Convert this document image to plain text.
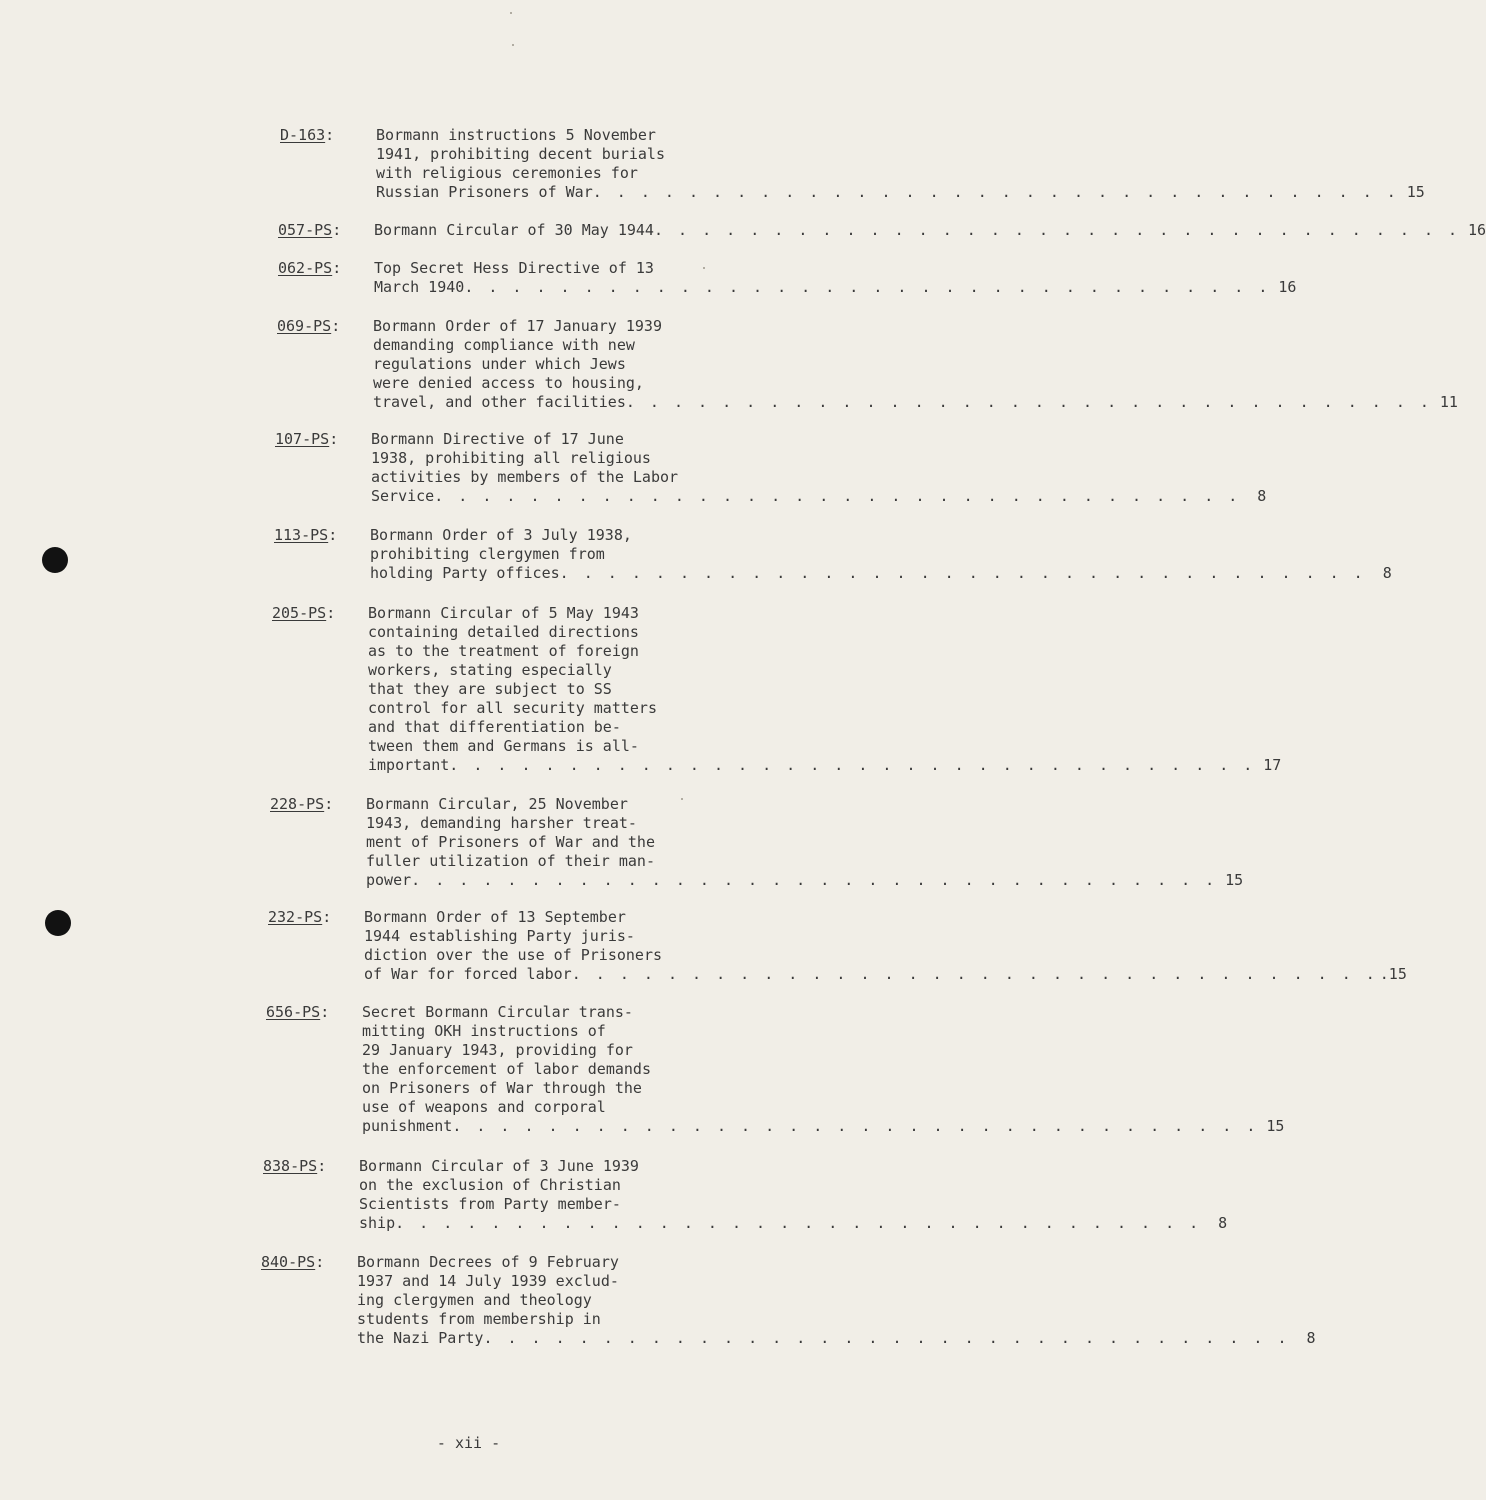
D-163:	Bormann instructions 5 November
1941, prohibiting decent burials
with religious ceremonies for
Russian Prisoners of War . . . . . . . . . . . . . . . . . . . . . . . . . . . . . . . . . . 15
057-PS: Bormann Circular of 30 May 1944 . . . . . . . . . . . . . . . . . . . . . . . . . . . . . . . . . . 16
062-PS: Top Secret Hess Directive of 13
March 1940 . . . . . . . . . . . . . . . . . . . . . . . . . . . . . . . . . . 16
069-PS: Bormann Order of 17 January 1939
demanding compliance with new
regulations under which Jews
were denied access to housing,
travel, and other facilities . . . . . . . . . . . . . . . . . . . . . . . . . . . . . . . . . . 11
107-PS: Bormann Directive of 17 June
1938, prohibiting all religious
activities by members of the Labor
Service . . . . . . . . . . . . . . . . . . . . . . . . . . . . . . . . . .	8
113-PS: Bormann Order of 3 July 1938,
prohibiting clergymen from
holding Party offices . . . . . . . . . . . . . . . . . . . . . . . . . . . . . . . . . .	8
205-PS: Bormann Circular of 5 May 1943
containing detailed directions
as to the treatment of foreign
workers, stating especially
that they are subject to SS
control for all security matters
and that differentiation be-
tween them and Germans is all-
important . . . . . . . . . . . . . . . . . . . . . . . . . . . . . . . . . . 17
228-PS: Bormann Circular, 25 November
1943, demanding harsher treat-
ment of Prisoners of War and the
fuller utilization of their man-
power . . . . . . . . . . . . . . . . . . . . . . . . . . . . . . . . . . 15
232-PS: Bormann Order of 13 September
1944 establishing Party juris-
diction over the use of Prisoners
of War for forced labor . . . . . . . . . . . . . . . . . . . . . . . . . . . . . . . . . . .15
656-PS: Secret Bormann Circular trans-
mitting OKH instructions of
29 January 1943, providing for
the enforcement of labor demands
on Prisoners of War through the
use of weapons and corporal
punishment . . . . . . . . . . . . . . . . . . . . . . . . . . . . . . . . . . 15
838-PS: Bormann Circular of 3 June 1939
on the exclusion of Christian
Scientists from Party member-
ship . . . . . . . . . . . . . . . . . . . . . . . . . . . . . . . . . .	8
840-PS: Bormann Decrees of 9 February
1937 and 14 July 1939 exclud-
ing clergymen and theology
students from membership in
the Nazi Party . . . . . . . . . . . . . . . . . . . . . . . . . . . . . . . . . .	8
- xii -
